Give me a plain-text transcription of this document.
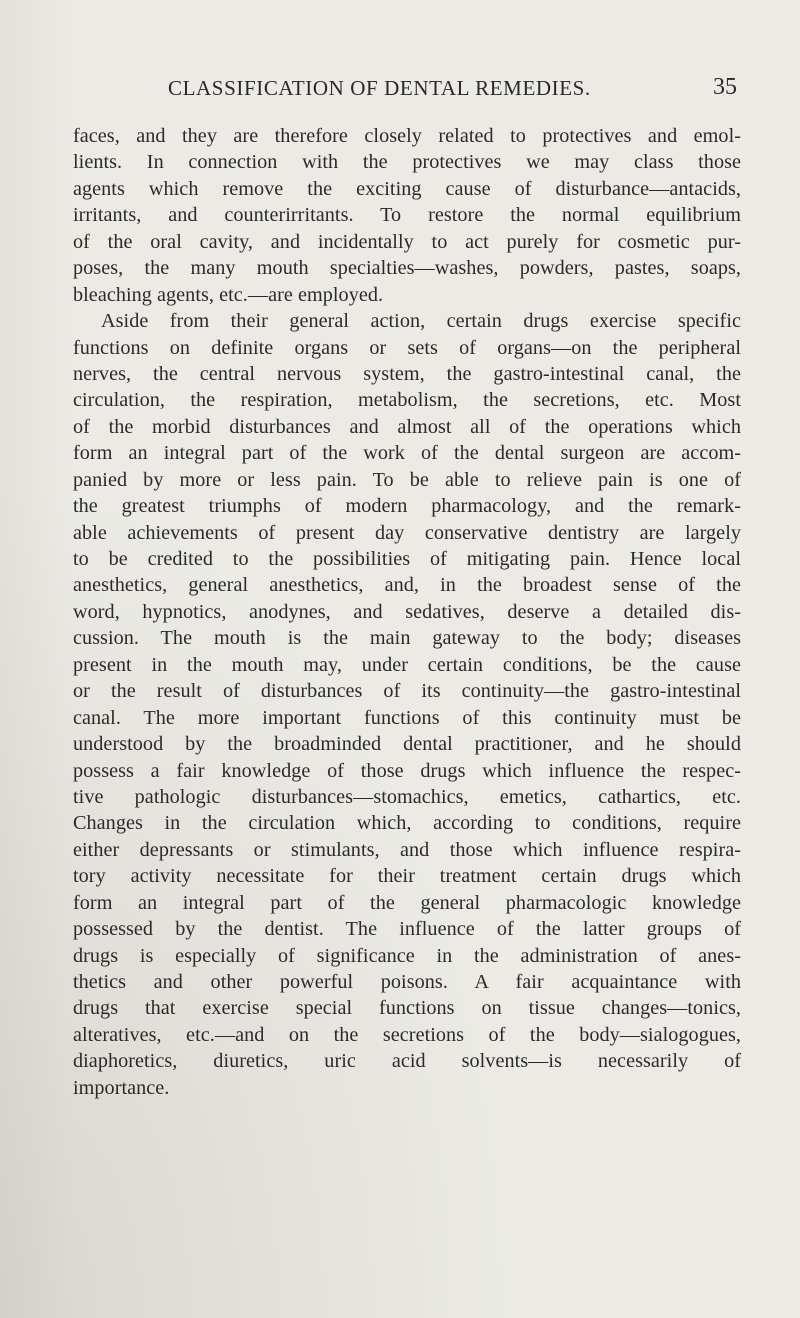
CLASSIFICATION OF DENTAL REMEDIES.	35
faces, and they are therefore closely related to protectives and emol-
lients. In connection with the protectives we may class those
agents which remove the exciting cause of disturbance—antacids,
irritants, and counterirritants. To restore the normal equilibrium
of the oral cavity, and incidentally to act purely for cosmetic pur-
poses, the many mouth specialties—washes, powders, pastes, soaps,
bleaching agents, etc.—are employed.
Aside from their general action, certain drugs exercise specific
functions on definite organs or sets of organs—on the peripheral
nerves, the central nervous system, the gastro-intestinal canal, the
circulation, the respiration, metabolism, the secretions, etc. Most
of the morbid disturbances and almost all of the operations which
form an integral part of the work of the dental surgeon are accom-
panied by more or less pain. To be able to relieve pain is one of
the greatest triumphs of modern pharmacology, and the remark-
able achievements of present day conservative dentistry are largely
to be credited to the possibilities of mitigating pain. Hence local
anesthetics, general anesthetics, and, in the broadest sense of the
word, hypnotics, anodynes, and sedatives, deserve a detailed dis-
cussion. The mouth is the main gateway to the body; diseases
present in the mouth may, under certain conditions, be the cause
or the result of disturbances of its continuity—the gastro-intestinal
canal. The more important functions of this continuity must be
understood by the broadminded dental practitioner, and he should
possess a fair knowledge of those drugs which influence the respec-
tive pathologic disturbances—stomachics, emetics, cathartics, etc.
Changes in the circulation which, according to conditions, require
either depressants or stimulants, and those which influence respira-
tory activity necessitate for their treatment certain drugs which
form an integral part of the general pharmacologic knowledge
possessed by the dentist. The influence of the latter groups of
drugs is especially of significance in the administration of anes-
thetics and other powerful poisons. A fair acquaintance with
drugs that exercise special functions on tissue changes—tonics,
alteratives, etc.—and on the secretions of the body—sialogogues,
diaphoretics, diuretics, uric acid solvents—is necessarily of
importance.
